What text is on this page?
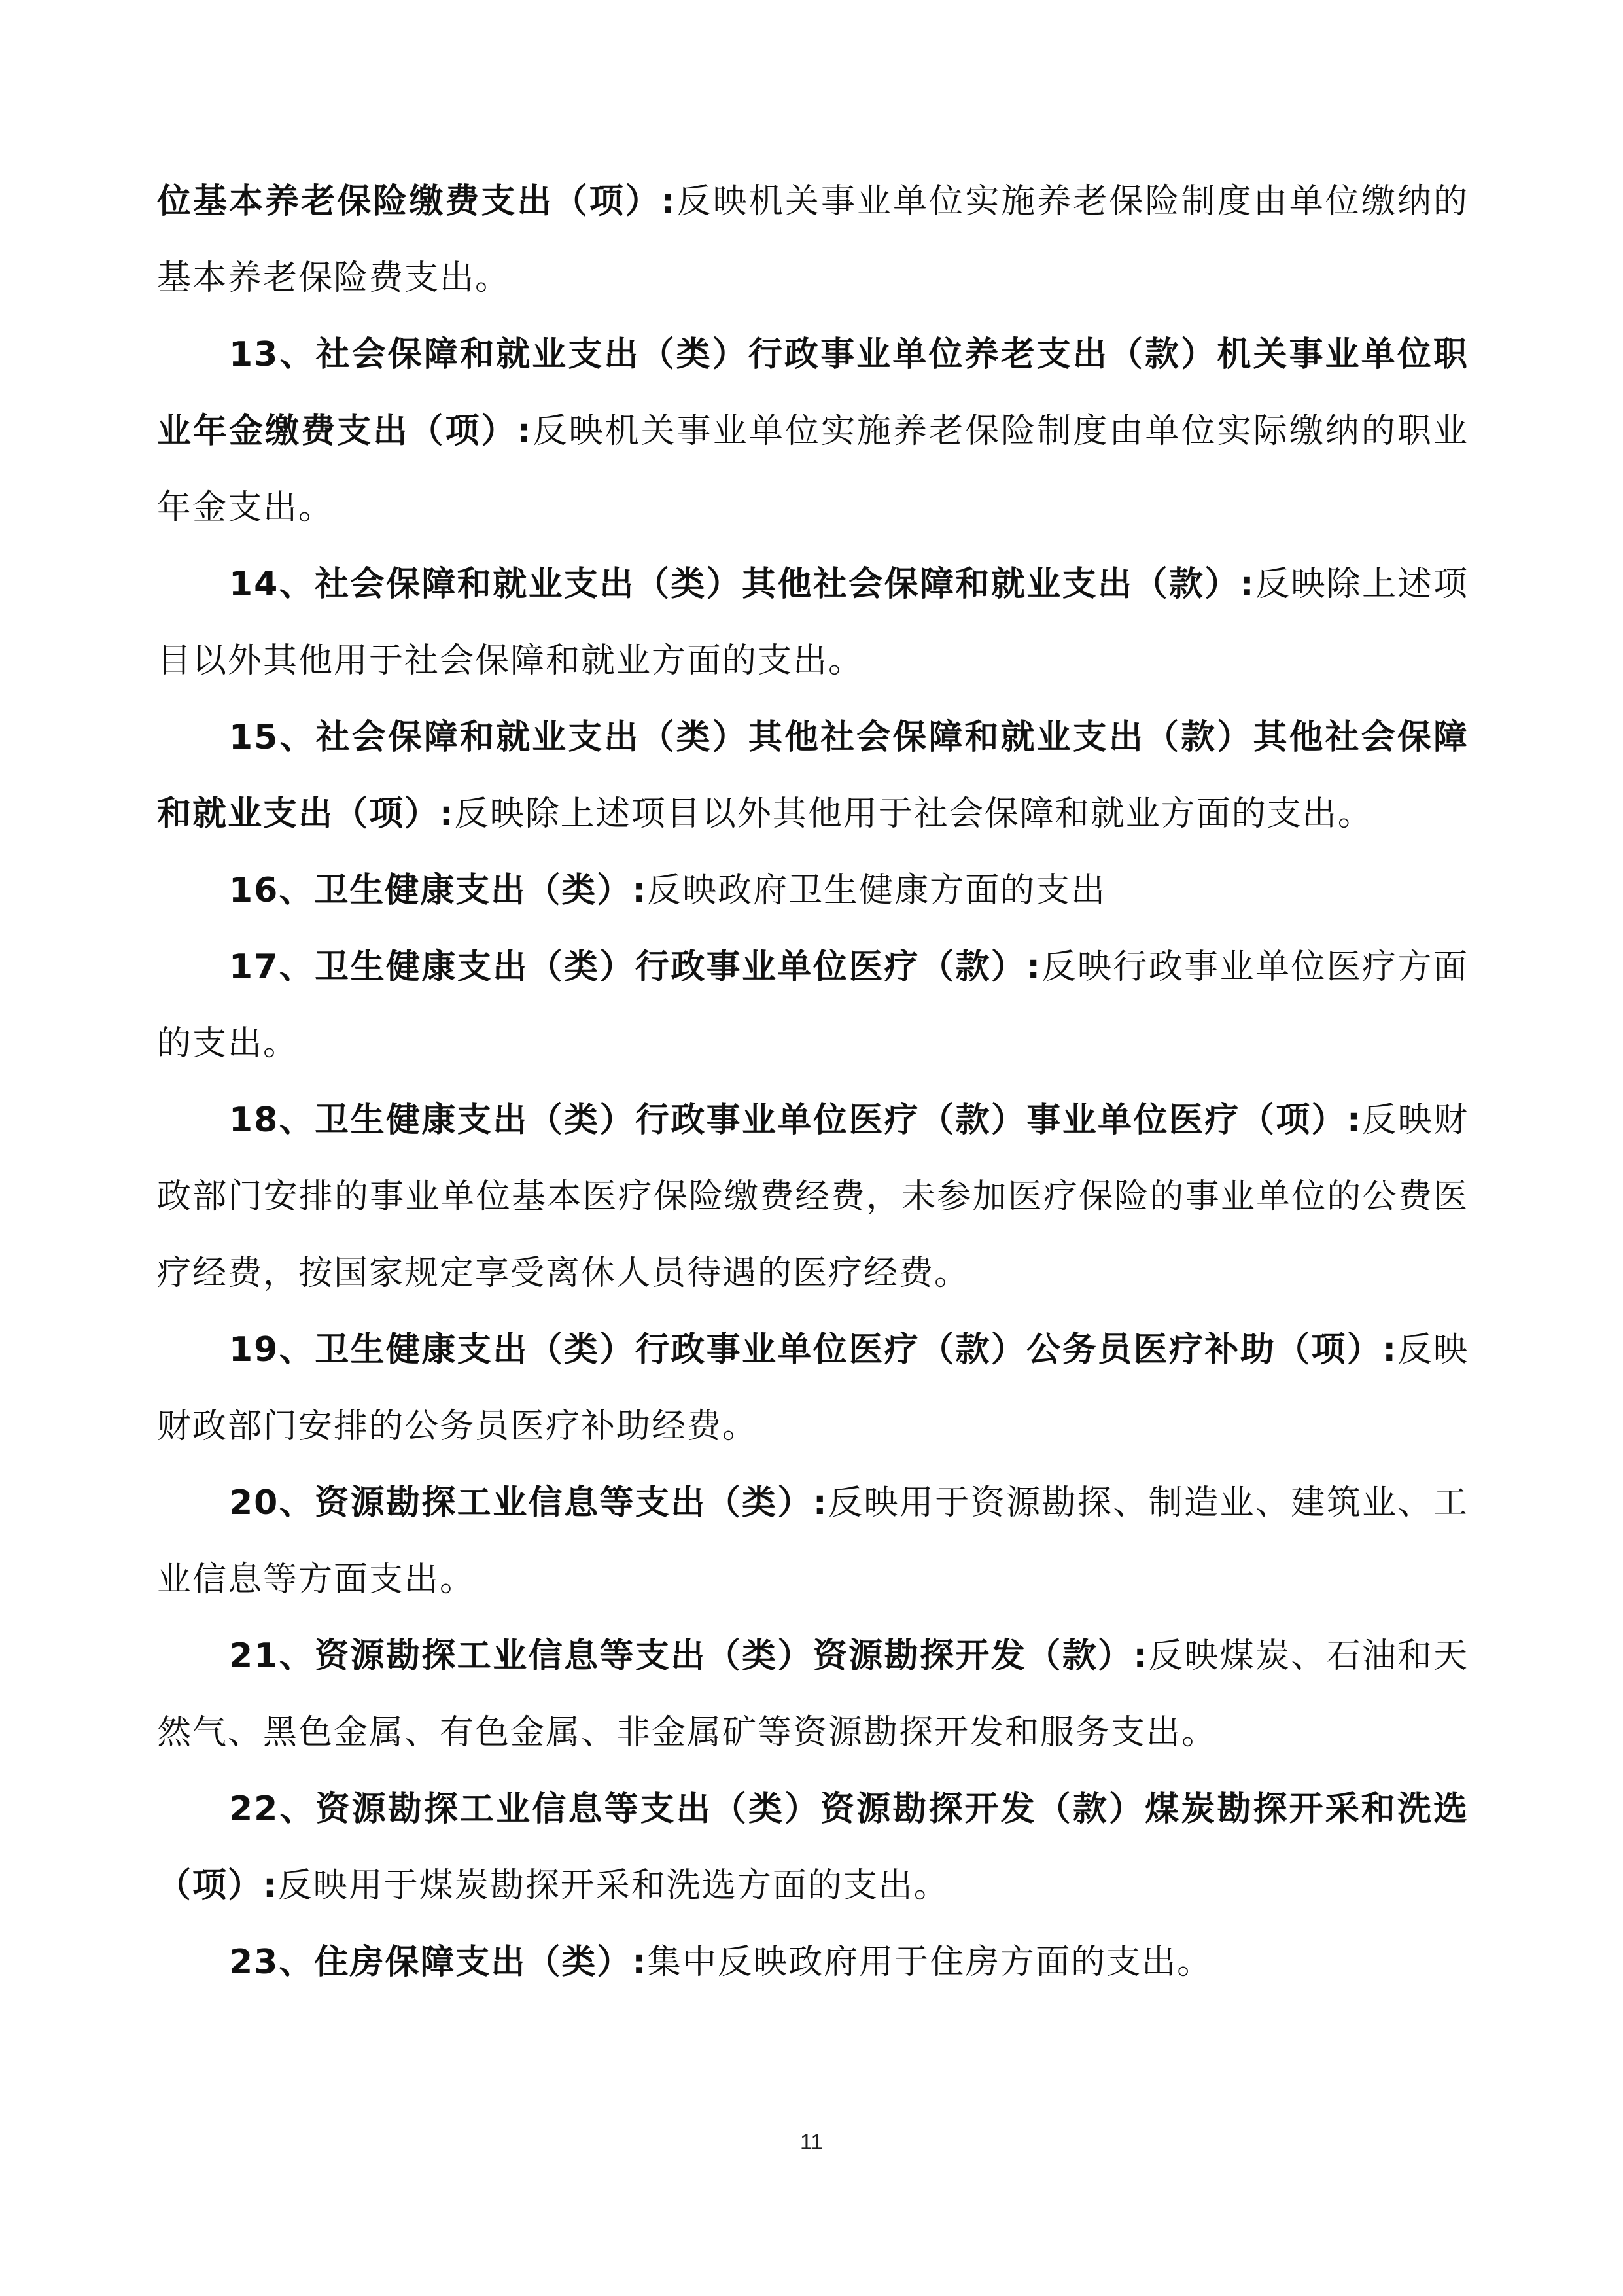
位基本养老保险缴费支出（项）:反映机关事业单位实施养老保险制度由单位缴纳的基本养老保险费支出。

13、社会保障和就业支出（类）行政事业单位养老支出（款）机关事业单位职业年金缴费支出（项）:反映机关事业单位实施养老保险制度由单位实际缴纳的职业年金支出。

14、社会保障和就业支出（类）其他社会保障和就业支出（款）:反映除上述项目以外其他用于社会保障和就业方面的支出。

15、社会保障和就业支出（类）其他社会保障和就业支出（款）其他社会保障和就业支出（项）:反映除上述项目以外其他用于社会保障和就业方面的支出。

16、卫生健康支出（类）:反映政府卫生健康方面的支出

17、卫生健康支出（类）行政事业单位医疗（款）:反映行政事业单位医疗方面的支出。

18、卫生健康支出（类）行政事业单位医疗（款）事业单位医疗（项）:反映财政部门安排的事业单位基本医疗保险缴费经费，未参加医疗保险的事业单位的公费医疗经费，按国家规定享受离休人员待遇的医疗经费。

19、卫生健康支出（类）行政事业单位医疗（款）公务员医疗补助（项）:反映财政部门安排的公务员医疗补助经费。

20、资源勘探工业信息等支出（类）:反映用于资源勘探、制造业、建筑业、工业信息等方面支出。

21、资源勘探工业信息等支出（类）资源勘探开发（款）:反映煤炭、石油和天然气、黑色金属、有色金属、非金属矿等资源勘探开发和服务支出。

22、资源勘探工业信息等支出（类）资源勘探开发（款）煤炭勘探开采和洗选（项）:反映用于煤炭勘探开采和洗选方面的支出。

23、住房保障支出（类）:集中反映政府用于住房方面的支出。

11
